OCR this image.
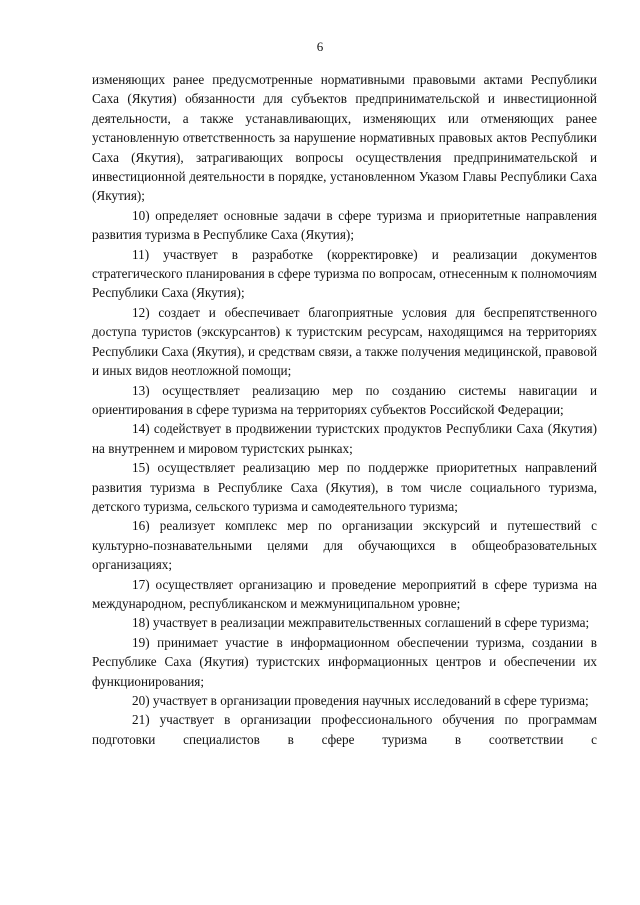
6

изменяющих ранее предусмотренные нормативными правовыми актами Республики Саха (Якутия) обязанности для субъектов предпринимательской и инвестиционной деятельности, а также устанавливающих, изменяющих или отменяющих ранее установленную ответственность за нарушение нормативных правовых актов Республики Саха (Якутия), затрагивающих вопросы осуществления предпринимательской и инвестиционной деятельности в порядке, установленном Указом Главы Республики Саха (Якутия);

10) определяет основные задачи в сфере туризма и приоритетные направления развития туризма в Республике Саха (Якутия);

11) участвует в разработке (корректировке) и реализации документов стратегического планирования в сфере туризма по вопросам, отнесенным к полномочиям Республики Саха (Якутия);

12) создает и обеспечивает благоприятные условия для беспрепятственного доступа туристов (экскурсантов) к туристским ресурсам, находящимся на территориях Республики Саха (Якутия), и средствам связи, а также получения медицинской, правовой и иных видов неотложной помощи;

13) осуществляет реализацию мер по созданию системы навигации и ориентирования в сфере туризма на территориях субъектов Российской Федерации;

14) содействует в продвижении туристских продуктов Республики Саха (Якутия) на внутреннем и мировом туристских рынках;

15) осуществляет реализацию мер по поддержке приоритетных направлений развития туризма в Республике Саха (Якутия), в том числе социального туризма, детского туризма, сельского туризма и самодеятельного туризма;

16) реализует комплекс мер по организации экскурсий и путешествий с культурно-познавательными целями для обучающихся в общеобразовательных организациях;

17) осуществляет организацию и проведение мероприятий в сфере туризма на международном, республиканском и межмуниципальном уровне;

18) участвует в реализации межправительственных соглашений в сфере туризма;

19) принимает участие в информационном обеспечении туризма, создании в Республике Саха (Якутия) туристских информационных центров и обеспечении их функционирования;

20) участвует в организации проведения научных исследований в сфере туризма;

21) участвует в организации профессионального обучения по программам подготовки специалистов в сфере туризма в соответствии с
